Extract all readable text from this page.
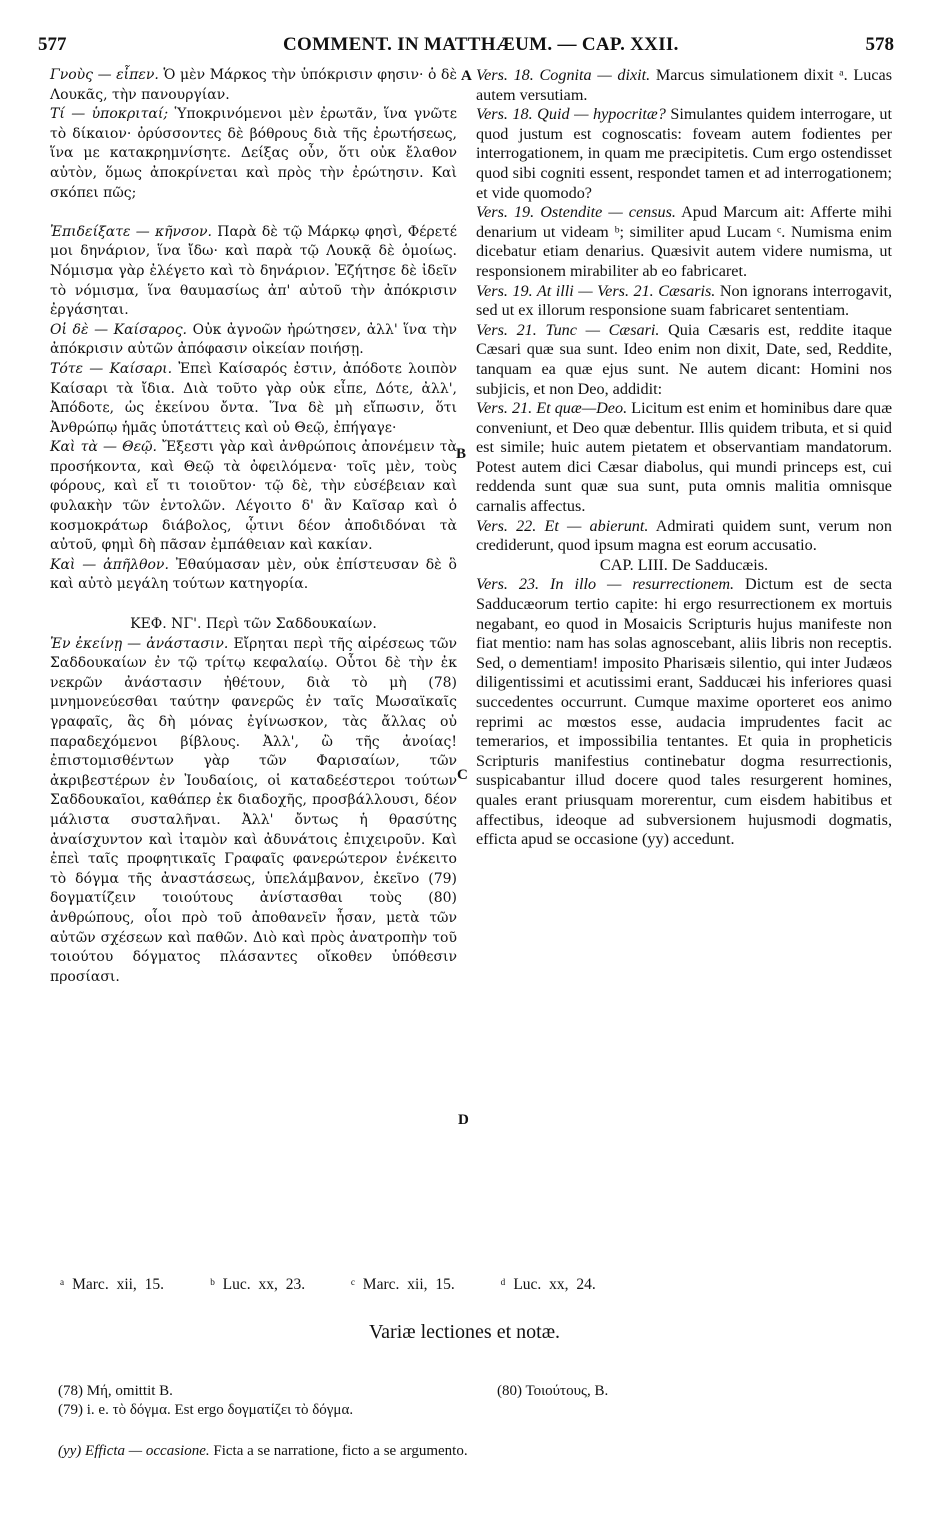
577	COMMENT. IN MATTHÆUM. — CAP. XXII.	578

Γνοὺς — εἶπεν. Ὁ μὲν Μάρκος τὴν ὑπόκρισιν φησιν· ὁ δὲ Λουκᾶς, τὴν πανουργίαν.

Τί — ὑποκριταί; Ὑποκρινόμενοι μὲν ἐρωτᾶν, ἵνα γνῶτε τὸ δίκαιον· ὀρύσσοντες δὲ βόθρους διὰ τῆς ἐρωτήσεως, ἵνα με κατακρημνίσητε. Δείξας οὖν, ὅτι οὐκ ἔλαθον αὐτὸν, ὅμως ἀποκρίνεται καὶ πρὸς τὴν ἐρώτησιν. Καὶ σκόπει πῶς;

Ἐπιδείξατε — κῆνσον. Παρὰ δὲ τῷ Μάρκῳ φησὶ, Φέρετέ μοι δηνάριον, ἵνα ἴδω· καὶ παρὰ τῷ Λουκᾷ δὲ ὁμοίως. Νόμισμα γὰρ ἐλέγετο καὶ τὸ δηνάριον. Ἐζήτησε δὲ ἰδεῖν τὸ νόμισμα, ἵνα θαυμασίως ἀπ' αὐτοῦ τὴν ἀπόκρισιν ἐργάσηται.

Οἱ δὲ — Καίσαρος. Οὐκ ἀγνοῶν ἠρώτησεν, ἀλλ' ἵνα τὴν ἀπόκρισιν αὐτῶν ἀπόφασιν οἰκείαν ποιήσῃ.

Τότε — Καίσαρι. Ἐπεὶ Καίσαρός ἐστιν, ἀπόδοτε λοιπὸν Καίσαρι τὰ ἴδια. Διὰ τοῦτο γὰρ οὐκ εἶπε, Δότε, ἀλλ', Ἀπόδοτε, ὡς ἐκείνου ὄντα. Ἵνα δὲ μὴ εἴπωσιν, ὅτι Ἀνθρώπῳ ἡμᾶς ὑποτάττεις καὶ οὐ Θεῷ, ἐπήγαγε·

Καὶ τὰ — Θεῷ. Ἔξεστι γὰρ καὶ ἀνθρώποις ἀπονέμειν τὰ προσήκοντα, καὶ Θεῷ τὰ ὀφειλόμενα· τοῖς μὲν, τοὺς φόρους, καὶ εἴ τι τοιοῦτον· τῷ δὲ, τὴν εὐσέβειαν καὶ φυλακὴν τῶν ἐντολῶν. Λέγοιτο δ' ἂν Καῖσαρ καὶ ὁ κοσμοκράτωρ διάβολος, ᾧτινι δέον ἀποδιδόναι τὰ αὐτοῦ, φημὶ δὴ πᾶσαν ἐμπάθειαν καὶ κακίαν.

Καὶ — ἀπῆλθον. Ἐθαύμασαν μὲν, οὐκ ἐπίστευσαν δὲ ὃ καὶ αὐτὸ μεγάλη τούτων κατηγορία.

ΚΕΦ. ΝΓ'. Περὶ τῶν Σαδδουκαίων.

Ἐν ἐκείνῃ — ἀνάστασιν. Εἴρηται περὶ τῆς αἱρέσεως τῶν Σαδδουκαίων ἐν τῷ τρίτῳ κεφαλαίῳ. Οὗτοι δὲ τὴν ἐκ νεκρῶν ἀνάστασιν ἠθέτουν, διὰ τὸ μὴ (78) μνημονεύεσθαι ταύτην φανερῶς ἐν ταῖς Μωσαϊκαῖς γραφαῖς, ἃς δὴ μόνας ἐγίνωσκον, τὰς ἄλλας οὐ παραδεχόμενοι βίβλους. Ἀλλ', ὢ τῆς ἀνοίας! ἐπιστομισθέντων γὰρ τῶν Φαρισαίων, τῶν ἀκριβεστέρων ἐν Ἰουδαίοις, οἱ καταδεέστεροι τούτων Σαδδουκαῖοι, καθάπερ ἐκ διαδοχῆς, προσβάλλουσι, δέον μάλιστα συσταλῆναι. Ἀλλ' ὄντως ἡ θρασύτης ἀναίσχυντον καὶ ἰταμὸν καὶ ἀδυνάτοις ἐπιχειροῦν. Καὶ ἐπεὶ ταῖς προφητικαῖς Γραφαῖς φανερώτερον ἐνέκειτο τὸ δόγμα τῆς ἀναστάσεως, ὑπελάμβανον, ἐκεῖνο (79) δογματίζειν τοιούτους ἀνίστασθαι τοὺς (80) ἀνθρώπους, οἷοι πρὸ τοῦ ἀποθανεῖν ἦσαν, μετὰ τῶν αὐτῶν σχέσεων καὶ παθῶν. Διὸ καὶ πρὸς ἀνατροπὴν τοῦ τοιούτου δόγματος πλάσαντες οἴκοθεν ὑπόθεσιν προσίασι.

Vers. 18. Cognita — dixit. Marcus simulationem dixit ᵃ. Lucas autem versutiam.

Vers. 18. Quid — hypocritæ? Simulantes quidem interrogare, ut quod justum est cognoscatis: foveam autem fodientes per interrogationem, in quam me præcipitetis. Cum ergo ostendisset quod sibi cogniti essent, respondet tamen et ad interrogationem; et vide quomodo?

Vers. 19. Ostendite — census. Apud Marcum ait: Afferte mihi denarium ut videam ᵇ; similiter apud Lucam ᶜ. Numisma enim dicebatur etiam denarius. Quæsivit autem videre numisma, ut responsionem mirabiliter ab eo fabricaret.

Vers. 19. At illi — Vers. 21. Cæsaris. Non ignorans interrogavit, sed ut ex illorum responsione suam fabricaret sententiam.

Vers. 21. Tunc — Cæsari. Quia Cæsaris est, reddite itaque Cæsari quæ sua sunt. Ideo enim non dixit, Date, sed, Reddite, tanquam ea quæ ejus sunt. Ne autem dicant: Homini nos subjicis, et non Deo, addidit:

Vers. 21. Et quæ—Deo. Licitum est enim et hominibus dare quæ conveniunt, et Deo quæ debentur. Illis quidem tributa, et si quid est simile; huic autem pietatem et observantiam mandatorum. Potest autem dici Cæsar diabolus, qui mundi princeps est, cui reddenda sunt quæ sua sunt, puta omnis malitia omnisque carnalis affectus.

Vers. 22. Et — abierunt. Admirati quidem sunt, verum non crediderunt, quod ipsum magna est eorum accusatio.

CAP. LIII. De Sadducæis.

Vers. 23. In illo — resurrectionem. Dictum est de secta Sadducæorum tertio capite: hi ergo resurrectionem ex mortuis negabant, eo quod in Mosaicis Scripturis hujus manifeste non fiat mentio: nam has solas agnoscebant, aliis libris non receptis. Sed, o dementiam! imposito Pharisæis silentio, qui inter Judæos diligentissimi et acutissimi erant, Sadducæi his inferiores quasi succedentes occurrunt. Cumque maxime oporteret eos animo reprimi ac mœstos esse, audacia imprudentes facit ac temerarios, et impossibilia tentantes. Et quia in propheticis Scripturis manifestius continebatur dogma resurrectionis, suspicabantur illud docere quod tales resurgerent homines, quales erant priusquam morerentur, cum eisdem habitibus et affectibus, ideoque ad subversionem hujusmodi dogmatis, efficta apud se occasione (yy) accedunt.

A
B
C
D
ᵃ Marc. xii, 15.	ᵇ Luc. xx, 23.	ᶜ Marc. xii, 15.	ᵈ Luc. xx, 24.
Variæ lectiones et notæ.
(78) Μή, omittit B.	(80) Τοιούτους, B.
(79) i. e. τὸ δόγμα. Est ergo δογματίζει τὸ δόγμα.
(yy) Efficta — occasione. Ficta a se narratione, ficto a se argumento.
